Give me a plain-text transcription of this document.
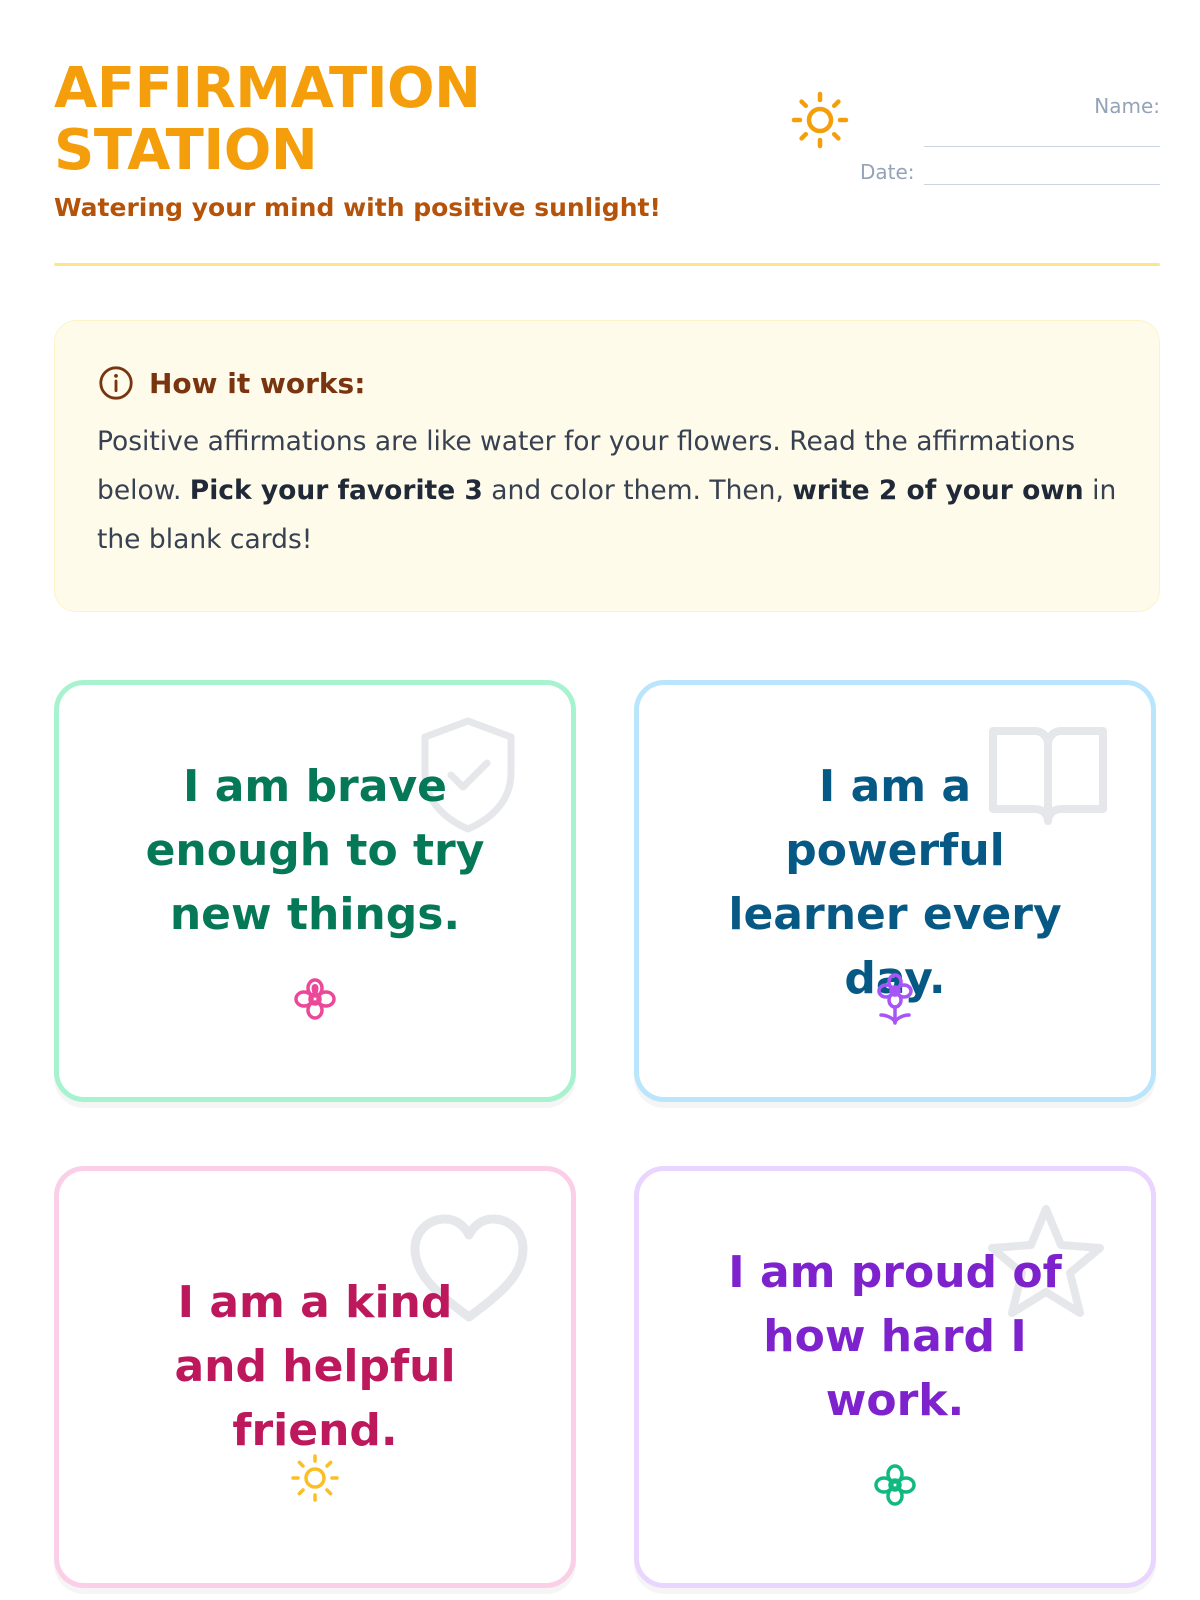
AFFIRMATION STATION

Watering your mind with positive sunlight!

Name:
Date:
How it works:
Positive affirmations are like water for your flowers. Read the affirmations below. Pick your favorite 3 and color them. Then, write 2 of your own in the blank cards!
I am brave enough to try new things.
I am a powerful learner every day.
I am a kind and helpful friend.
I am proud of how hard I work.
